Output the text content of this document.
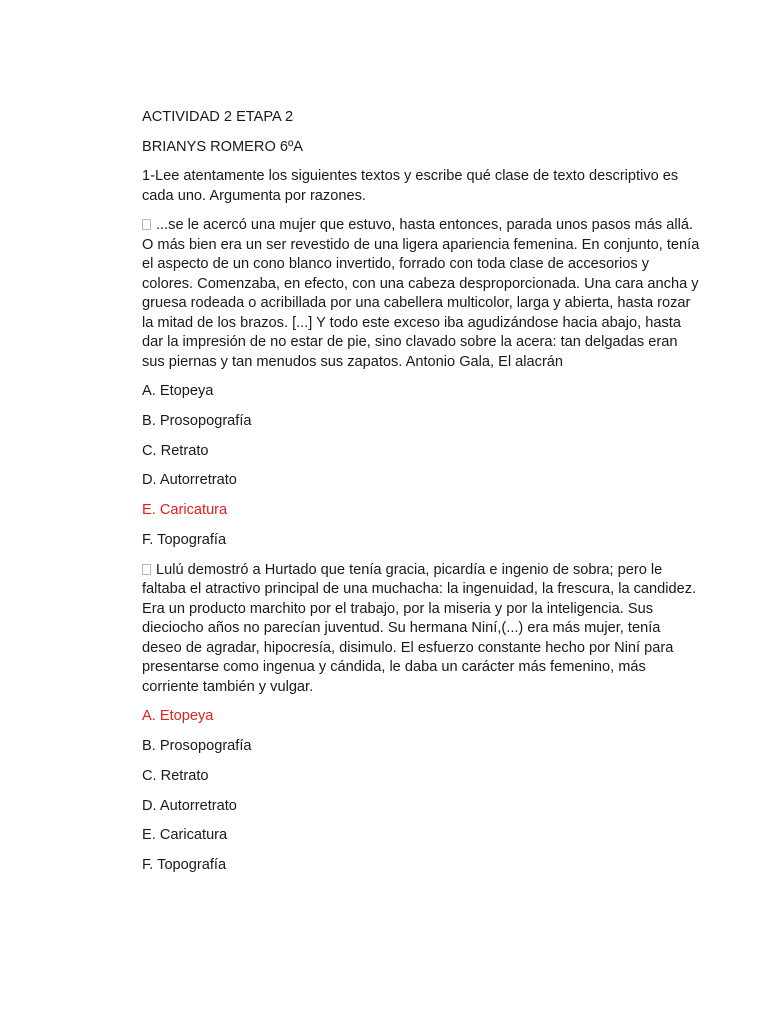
ACTIVIDAD 2 ETAPA 2

BRIANYS ROMERO 6ºA

1-Lee atentamente los siguientes textos y escribe qué clase de texto descriptivo es cada uno. Argumenta por razones.

...se le acercó una mujer que estuvo, hasta entonces, parada unos pasos más allá. O más bien era un ser revestido de una ligera apariencia femenina. En conjunto, tenía el aspecto de un cono blanco invertido, forrado con toda clase de accesorios y colores. Comenzaba, en efecto, con una cabeza desproporcionada. Una cara ancha y gruesa rodeada o acribillada por una cabellera multicolor, larga y abierta, hasta rozar la mitad de los brazos. [...] Y todo este exceso iba agudizándose hacia abajo, hasta dar la impresión de no estar de pie, sino clavado sobre la acera: tan delgadas eran sus piernas y tan menudos sus zapatos. Antonio Gala, El alacrán

A. Etopeya

B. Prosopografía

C. Retrato

D. Autorretrato

E. Caricatura

F. Topografía

Lulú demostró a Hurtado que tenía gracia, picardía e ingenio de sobra; pero le faltaba el atractivo principal de una muchacha: la ingenuidad, la frescura, la candidez. Era un producto marchito por el trabajo, por la miseria y por la inteligencia. Sus dieciocho años no parecían juventud. Su hermana Niní,(...) era más mujer, tenía deseo de agradar, hipocresía, disimulo. El esfuerzo constante hecho por Niní para presentarse como ingenua y cándida, le daba un carácter más femenino, más corriente también y vulgar.

A. Etopeya

B. Prosopografía

C. Retrato

D. Autorretrato

E. Caricatura

F. Topografía
